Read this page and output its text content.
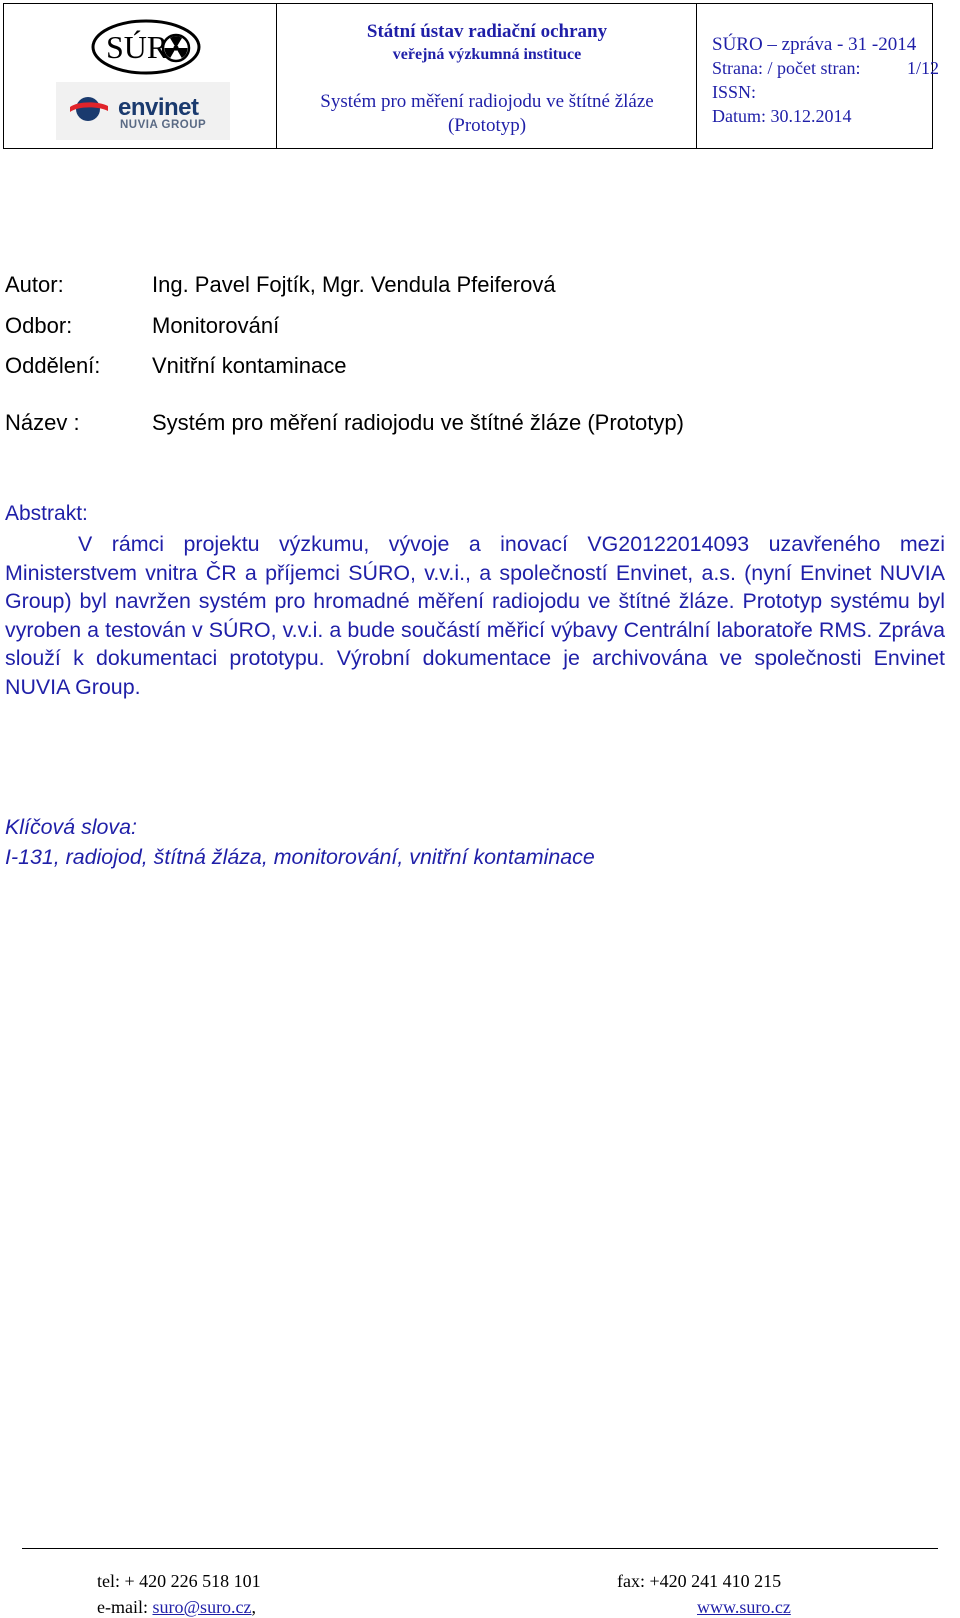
SÚR
envinet
NUVIA GROUP
Státní ústav radiační ochrany
veřejná výzkumná instituce
Systém pro měření radiojodu ve štítné žláze
(Prototyp)
SÚRO – zpráva - 31 -2014
Strana: / počet stran:	1/12
ISSN:
Datum: 30.12.2014
Autor:	Ing. Pavel Fojtík, Mgr. Vendula Pfeiferová
Odbor:	Monitorování
Oddělení: Vnitřní kontaminace
Název :	Systém pro měření radiojodu ve štítné žláze (Prototyp)
Abstrakt:
V rámci projektu výzkumu, vývoje a inovací VG20122014093 uzavřeného mezi Ministerstvem vnitra ČR a příjemci SÚRO, v.v.i., a společností Envinet, a.s. (nyní Envinet NUVIA Group) byl navržen systém pro hromadné měření radiojodu ve štítné žláze. Prototyp systému byl vyroben a testován v SÚRO, v.v.i. a bude součástí měřicí výbavy Centrální laboratoře RMS. Zpráva slouží k dokumentaci prototypu. Výrobní dokumentace je archivována ve společnosti Envinet NUVIA Group.
Klíčová slova:
I-131, radiojod, štítná žláza, monitorování, vnitřní kontaminace
tel: + 420 226 518 101	fax: +420 241 410 215
e-mail: suro@suro.cz,	www.suro.cz
